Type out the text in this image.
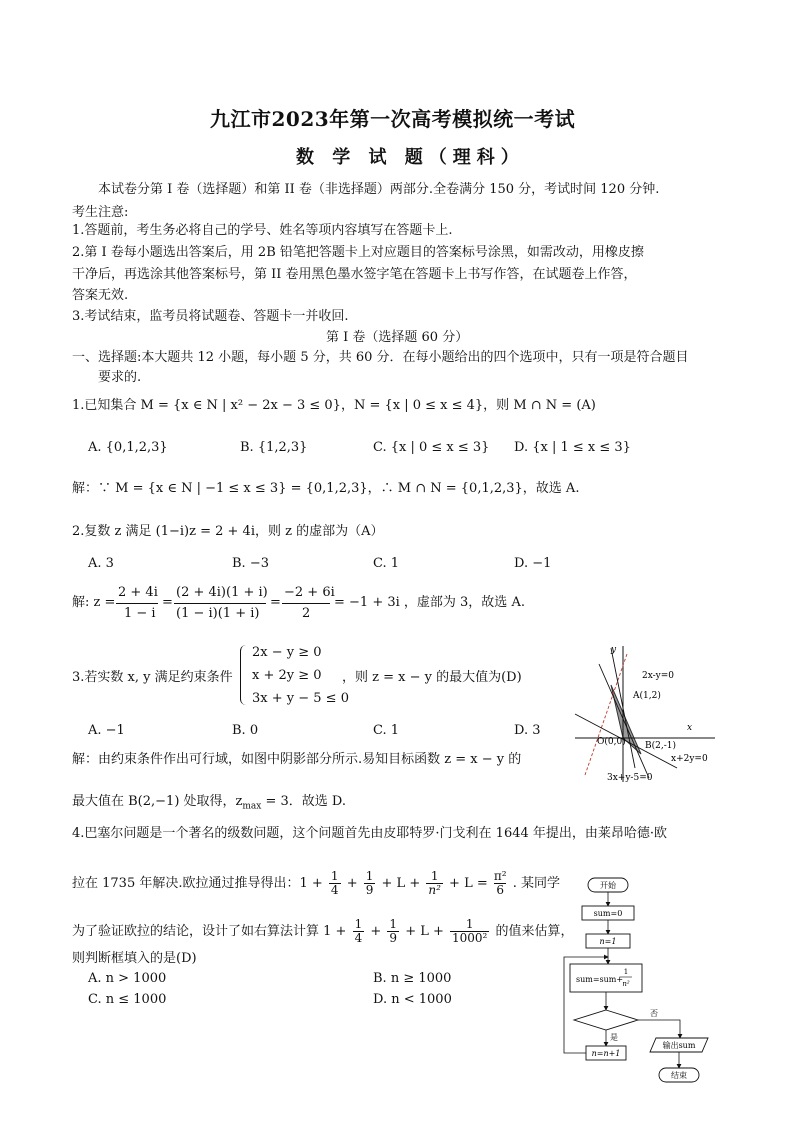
九江市2023年第一次高考模拟统一考试
数 学 试 题（理科）
本试卷分第 I 卷（选择题）和第 II 卷（非选择题）两部分.全卷满分 150 分，考试时间 120 分钟.
考生注意:
1.答题前，考生务必将自己的学号、姓名等项内容填写在答题卡上.
2.第 I 卷每小题选出答案后，用 2B 铅笔把答题卡上对应题目的答案标号涂黑，如需改动，用橡皮擦
干净后，再选涂其他答案标号，第 II 卷用黑色墨水签字笔在答题卡上书写作答，在试题卷上作答，
答案无效.
3.考试结束，监考员将试题卷、答题卡一并收回.
第 I 卷（选择题 60 分）
一、选择题:本大题共 12 小题，每小题 5 分，共 60 分．在每小题给出的四个选项中，只有一项是符合题目
要求的.
1.已知集合 M = {x ∈ N | x² − 2x − 3 ≤ 0}，N = {x | 0 ≤ x ≤ 4}，则 M ∩ N = (A)
A. {0,1,2,3}	B. {1,2,3}	C. {x | 0 ≤ x ≤ 3} D. {x | 1 ≤ x ≤ 3}
解：∵ M = {x ∈ N | −1 ≤ x ≤ 3} = {0,1,2,3}，∴ M ∩ N = {0,1,2,3}，故选 A.
2.复数 z 满足 (1−i)z = 2 + 4i，则 z 的虚部为（A）
A. 3	B. −3	C. 1	D. −1
解: z =
2 + 4i
1 − i
=
(2 + 4i)(1 + i)
(1 − i)(1 + i)
=
−2 + 6i
2
= −1 + 3i ，虚部为 3，故选 A.
3.若实数 x, y 满足约束条件
2x − y ≥ 0
x + 2y ≥ 0
3x + y − 5 ≤ 0
，则 z = x − y 的最大值为(D)
A. −1	B. 0	C. 1	D. 3
解：由约束条件作出可行域，如图中阴影部分所示.易知目标函数 z = x − y 的
最大值在 B(2,−1) 处取得，$z_{max} = 3$．故选 D.
y
x
2x-y=0
A(1,2)
O(0,0) B(2,-1)
x+2y=0
3x+y-5=0
4.巴塞尔问题是一个著名的级数问题，这个问题首先由皮耶特罗·门戈利在 1644 年提出，由莱昂哈德·欧
拉在 1735 年解决.欧拉通过推导得出：$1 + \frac{1}{4} + \frac{1}{9} + L + \frac{1}{\text{n²}} + L = \frac{\text{π²}}{6}$ . 某同学
为了验证欧拉的结论，设计了如右算法计算 $1 + \frac{1}{4} + \frac{1}{9} + L + \frac{1}{\text{1000²}}$ 的值来估算，
则判断框填入的是(D)
A. n > 1000	B. n ≥ 1000
C. n ≤ 1000	D. n < 1000
开始
sum=0
n=1
sum=sum+
1
n²
是
n=n+1
否
输出sum
结束
